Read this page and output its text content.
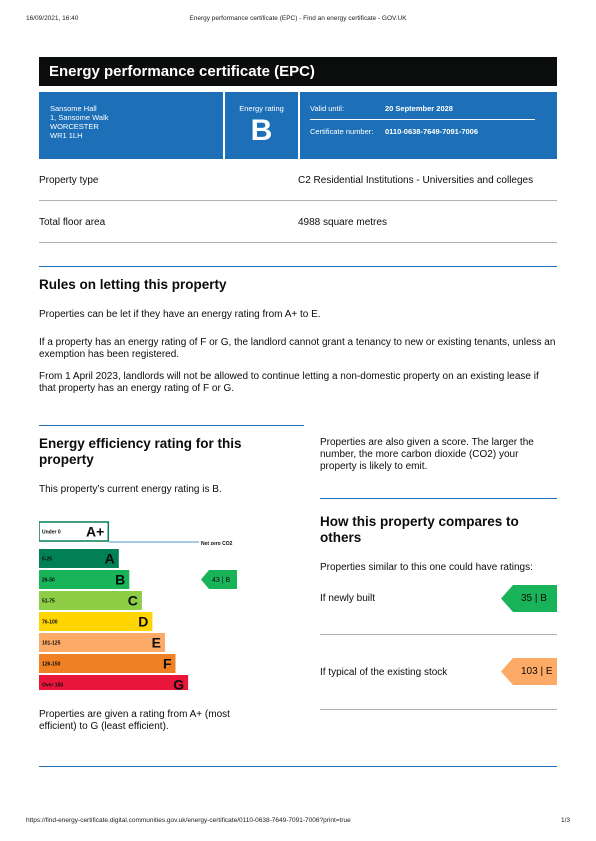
16/09/2021, 16:40	Energy performance certificate (EPC) - Find an energy certificate - GOV.UK
Energy performance certificate (EPC)
Sansome Hall
1, Sansome Walk
WORCESTER
WR1 1LH
Energy rating
B
Valid until:	20 September 2028
Certificate number: 0110-0638-7649-7091-7006
Property type	C2 Residential Institutions - Universities and colleges
Total floor area	4988 square metres
Rules on letting this property
Properties can be let if they have an energy rating from A+ to E.
If a property has an energy rating of F or G, the landlord cannot grant a tenancy to new or existing tenants, unless an exemption has been registered.
From 1 April 2023, landlords will not be allowed to continue letting a non-domestic property on an existing lease if that property has an energy rating of F or G.
Energy efficiency rating for this property
This property’s current energy rating is B.
Under 0 A+
0-25	A
26-50	B
51-75	C
76-100	D
101-125	E
126-150	F
Over 150	G
Net zero CO2
43 | B
Properties are given a rating from A+ (most efficient) to G (least efficient).
Properties are also given a score. The larger the number, the more carbon dioxide (CO2) your property is likely to emit.
How this property compares to others
Properties similar to this one could have ratings:
If newly built	35 | B
If typical of the existing stock	103 | E
https://find-energy-certificate.digital.communities.gov.uk/energy-certificate/0110-0638-7649-7091-7006?print=true	1/3
